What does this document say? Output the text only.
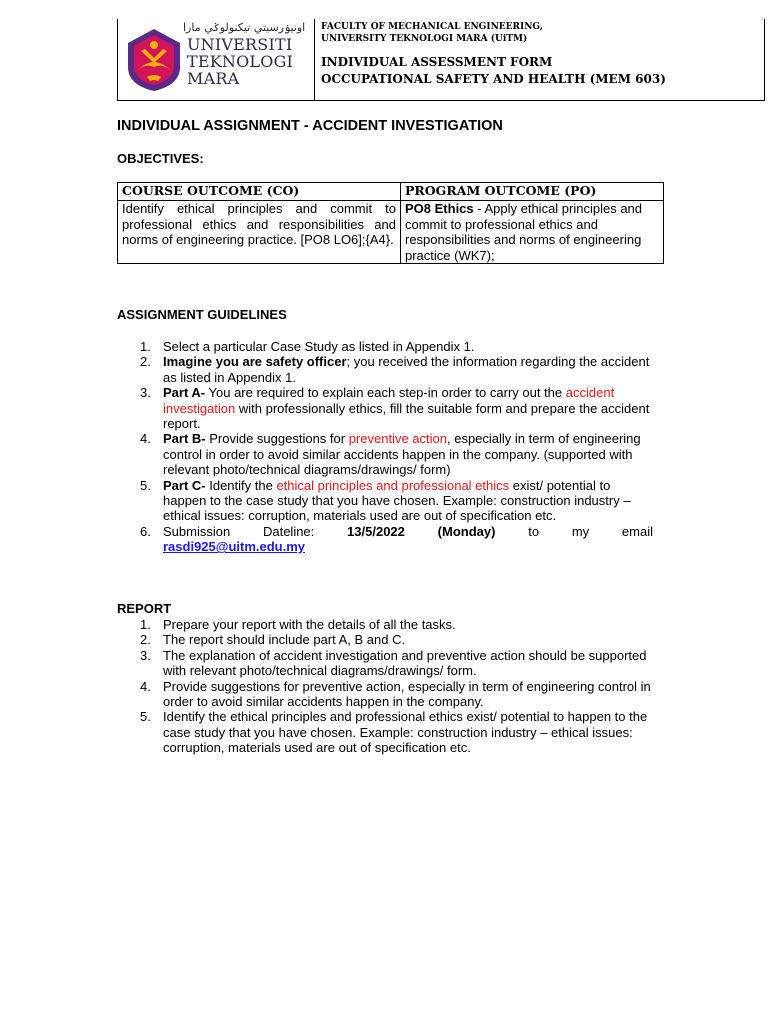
اونيۏرسيتي تيكنولوݢي مارا
UNIVERSITI
TEKNOLOGI
MARA
FACULTY OF MECHANICAL ENGINEERING,
UNIVERSITY TEKNOLOGI MARA (UiTM)
INDIVIDUAL ASSESSMENT FORM
OCCUPATIONAL SAFETY AND HEALTH (MEM 603)
INDIVIDUAL ASSIGNMENT - ACCIDENT INVESTIGATION
OBJECTIVES:
COURSE OUTCOME (CO)	PROGRAM OUTCOME (PO)
Identify ethical principles and commit to professional ethics and responsibilities and norms of engineering practice. [PO8 LO6];{A4}.	PO8 Ethics - Apply ethical principles and commit to professional ethics and responsibilities and norms of engineering practice (WK7);
ASSIGNMENT GUIDELINES
1. Select a particular Case Study as listed in Appendix 1.
2. Imagine you are safety officer; you received the information regarding the accident as listed in Appendix 1.
3. Part A- You are required to explain each step-in order to carry out the accident investigation with professionally ethics, fill the suitable form and prepare the accident report.
4. Part B- Provide suggestions for preventive action, especially in term of engineering control in order to avoid similar accidents happen in the company. (supported with relevant photo/technical diagrams/drawings/ form)
5. Part C- Identify the ethical principles and professional ethics exist/ potential to happen to the case study that you have chosen. Example: construction industry – ethical issues: corruption, materials used are out of specification etc.
6. Submission	Dateline:	13/5/2022	(Monday)	to	my	email
rasdi925@uitm.edu.my
REPORT
1. Prepare your report with the details of all the tasks.
2. The report should include part A, B and C.
3. The explanation of accident investigation and preventive action should be supported with relevant photo/technical diagrams/drawings/ form.
4. Provide suggestions for preventive action, especially in term of engineering control in order to avoid similar accidents happen in the company.
5. Identify the ethical principles and professional ethics exist/ potential to happen to the case study that you have chosen. Example: construction industry – ethical issues: corruption, materials used are out of specification etc.
